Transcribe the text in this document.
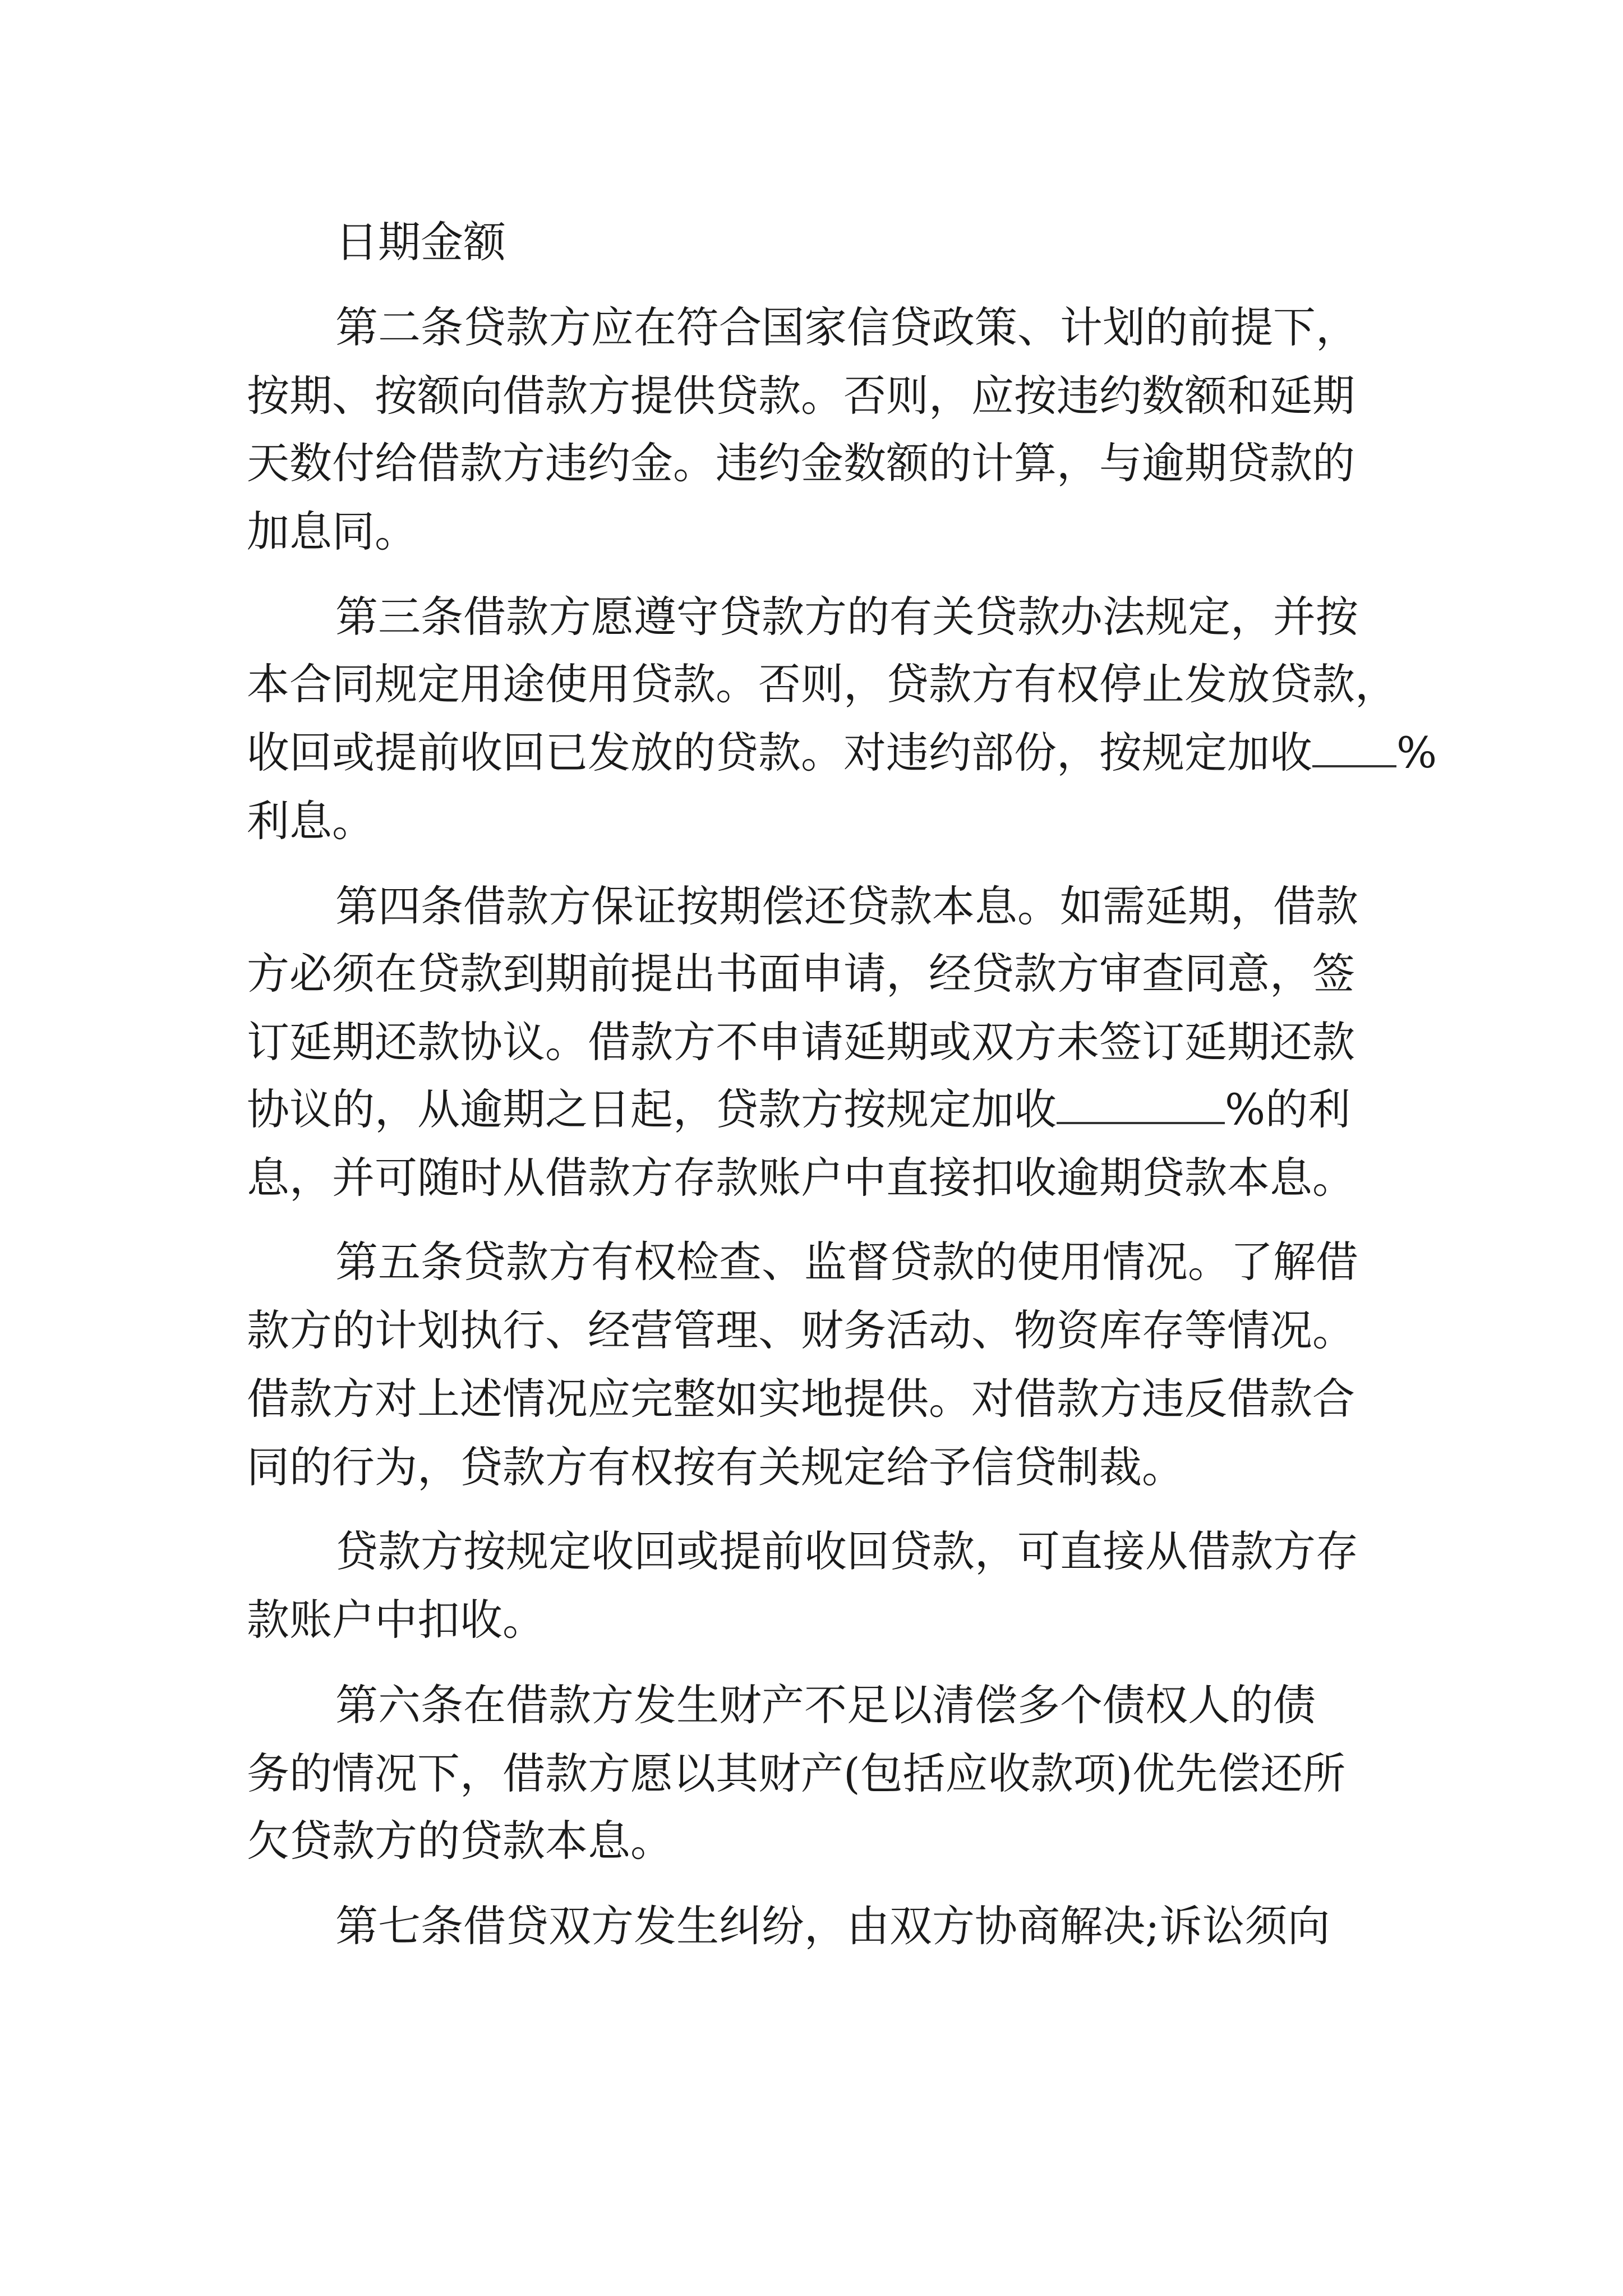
日期金额
第二条贷款方应在符合国家信贷政策、计划的前提下，
按期、按额向借款方提供贷款。否则，应按违约数额和延期
天数付给借款方违约金。违约金数额的计算，与逾期贷款的
加息同。
第三条借款方愿遵守贷款方的有关贷款办法规定，并按
本合同规定用途使用贷款。否则，贷款方有权停止发放贷款，
收回或提前收回已发放的贷款。对违约部份，按规定加收 %
利息。
第四条借款方保证按期偿还贷款本息。如需延期，借款
方必须在贷款到期前提出书面申请，经贷款方审查同意，签
订延期还款协议。借款方不申请延期或双方未签订延期还款
协议的，从逾期之日起，贷款方按规定加收	%的利
息，并可随时从借款方存款账户中直接扣收逾期贷款本息。
第五条贷款方有权检查、监督贷款的使用情况。了解借
款方的计划执行、经营管理、财务活动、物资库存等情况。
借款方对上述情况应完整如实地提供。对借款方违反借款合
同的行为，贷款方有权按有关规定给予信贷制裁。
贷款方按规定收回或提前收回贷款，可直接从借款方存
款账户中扣收。
第六条在借款方发生财产不足以清偿多个债权人的债
务的情况下，借款方愿以其财产(包括应收款项)优先偿还所
欠贷款方的贷款本息。
第七条借贷双方发生纠纷，由双方协商解决;诉讼须向
